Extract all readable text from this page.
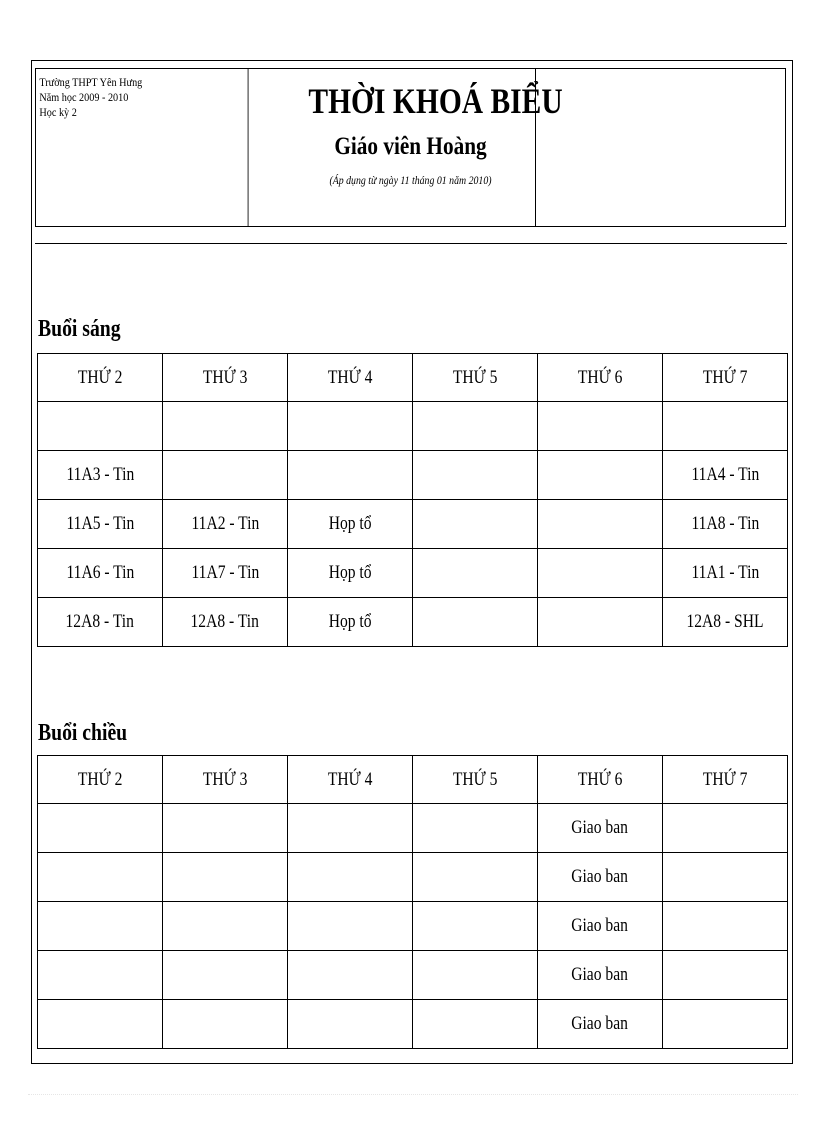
Trường THPT Yên Hưng
Năm học 2009 - 2010
Học kỳ 2	THỜI KHOÁ BIỂU
Giáo viên Hoàng
(Áp dụng từ ngày 11 tháng 01 năm 2010)
Buổi sáng
THỨ 2	THỨ 3	THỨ 4	THỨ 5	THỨ 6	THỨ 7

11A3 - Tin					11A4 - Tin
11A5 - Tin	11A2 - Tin	Họp tổ			11A8 - Tin
11A6 - Tin	11A7 - Tin	Họp tổ			11A1 - Tin
12A8 - Tin	12A8 - Tin	Họp tổ			12A8 - SHL
Buổi chiều
THỨ 2	THỨ 3	THỨ 4	THỨ 5	THỨ 6	THỨ 7
				Giao ban	
				Giao ban	
				Giao ban	
				Giao ban	
				Giao ban	
